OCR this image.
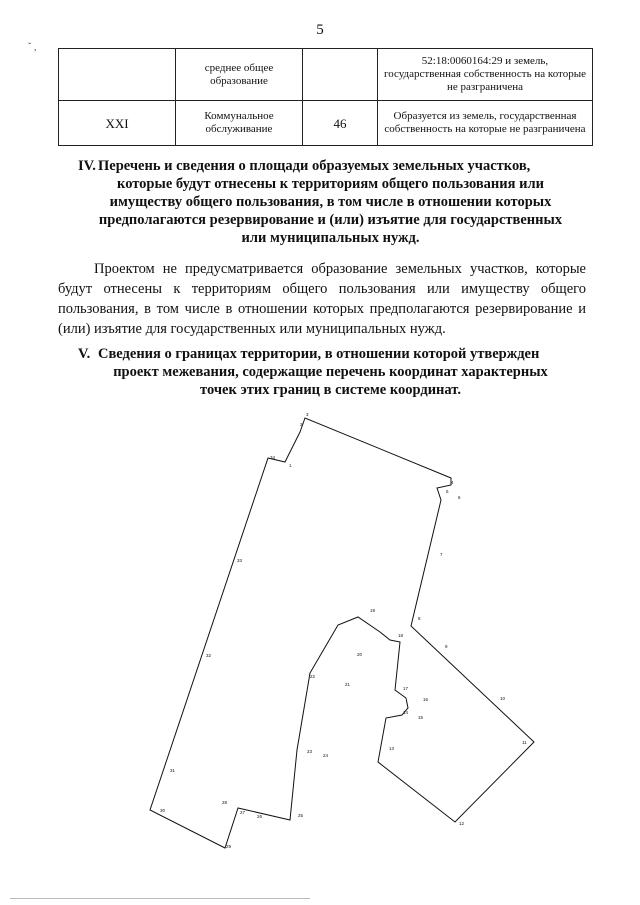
5
ˇ ,
	среднее общее образование		52:18:0060164:29 и земель, государственная собственность на которые не разграничена
XXI	Коммунальное обслуживание	46	Образуется из земель, государственная собственность на которые не разграничена
IV. Перечень и сведения о площади образуемых земельных участков,
которые будут отнесены к территориям общего пользования или
имуществу общего пользования, в том числе в отношении которых
предполагаются резервирование и (или) изъятие для государственных
или муниципальных нужд.
Проектом не предусматривается образование земельных участков, которые будут отнесены к территориям общего пользования или имуществу общего пользования, в том числе в отношении которых предполагаются резервирование и (или) изъятие для государственных или муниципальных нужд.
V. Сведения о границах территории, в отношении которой утвержден
проект межевания, содержащие перечень координат характерных
точек этих границ в системе координат.
1
2
3
4
5
6
7
8
9
10
11
12
13
14
15
16
17
18
19
20
21
22
23
24
25
26
27
28
29
30
31
32
33
34
